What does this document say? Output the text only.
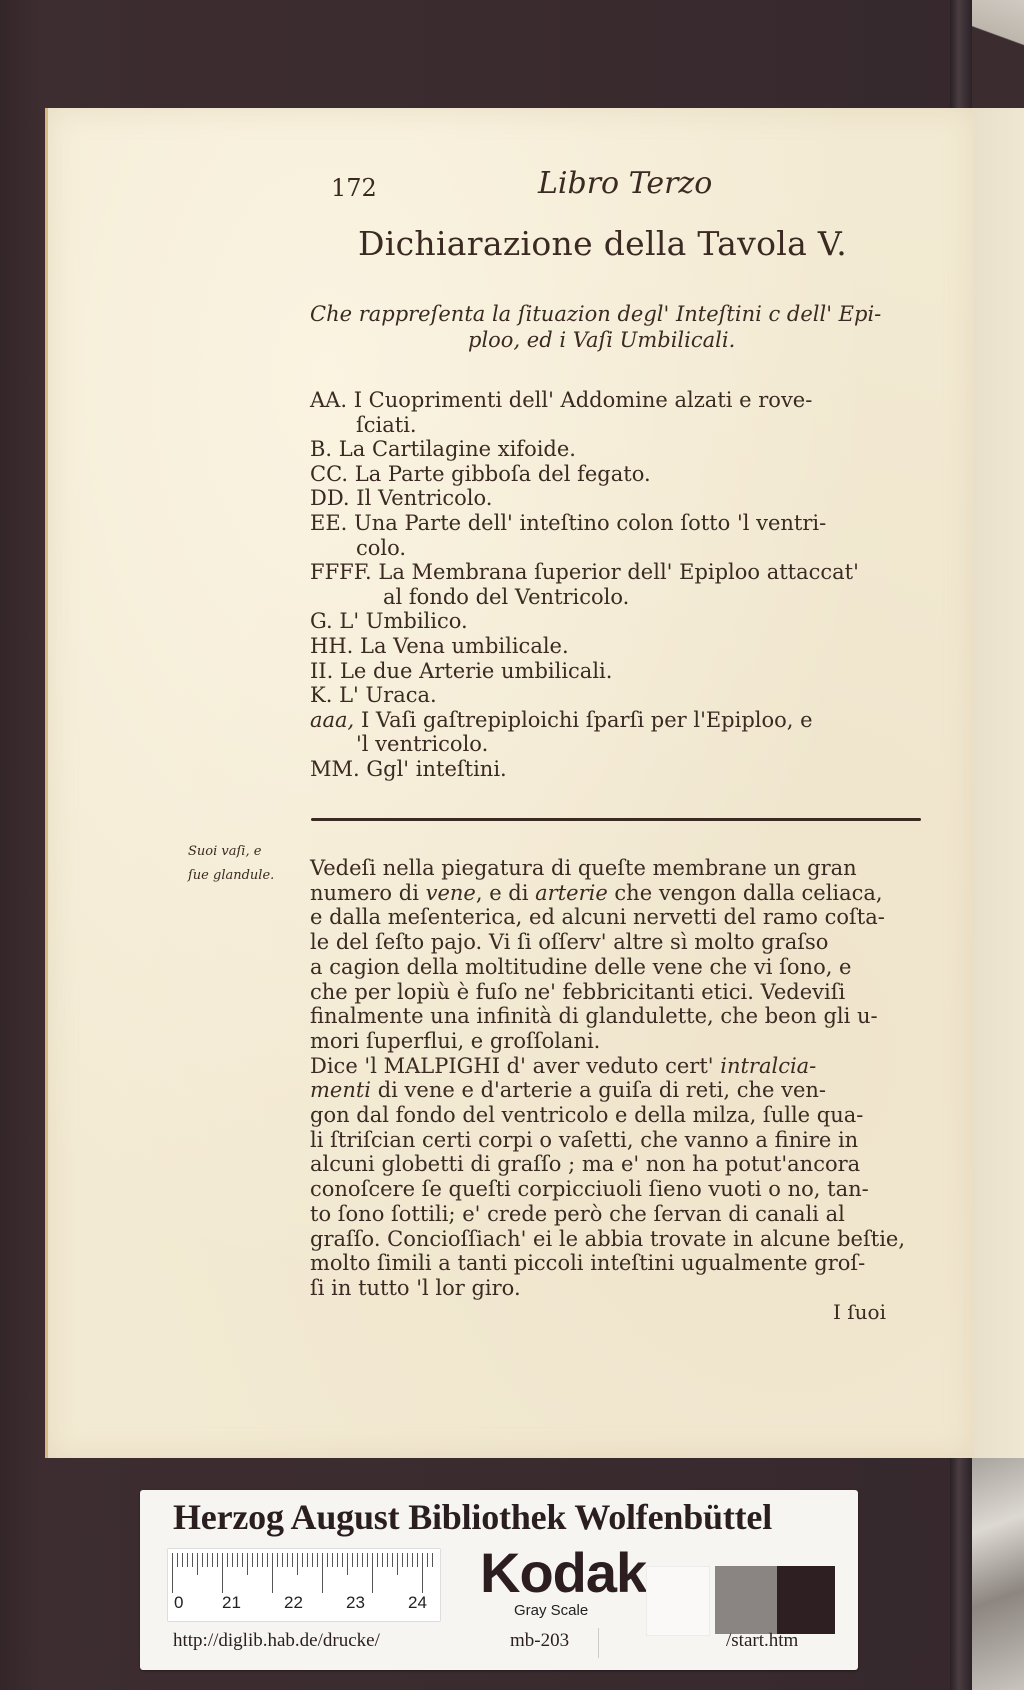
172	Libro Terzo
Dichiarazione della Tavola V.
Che rappreſenta la ſituazion degl' Inteſtini c dell' Epi-
ploo, ed i Vaſi Umbilicali.
AA. I Cuoprimenti dell' Addomine alzati e rove-
ſciati.
B. La Cartilagine xifoide.
CC. La Parte gibboſa del fegato.
DD. Il Ventricolo.
EE. Una Parte dell' inteſtino colon ſotto 'l ventri-
colo.
FFFF. La Membrana ſuperior dell' Epiploo attaccat'
al fondo del Ventricolo.
G. L' Umbilico.
HH. La Vena umbilicale.
II. Le due Arterie umbilicali.
K. L' Uraca.
aaa, I Vaſi gaſtrepiploichi ſparſi per l'Epiploo, e
'l ventricolo.
MM. Ggl' inteſtini.
Suoi vaſi, e
ſue glandule. Vedeſi nella piegatura di queſte membrane un gran
numero di vene, e di arterie che vengon dalla celiaca,
e dalla meſenterica, ed alcuni nervetti del ramo coſta-
le del ſeſto pajo. Vi ſi oſſerv' altre sì molto graſso
a cagion della moltitudine delle vene che vi ſono, e
che per lopiù è fuſo ne' febbricitanti etici. Vedeviſi
finalmente una infinità di glandulette, che beon gli u-
mori ſuperflui, e groſſolani.
Dice 'l MALPIGHI d' aver veduto cert' intralcia-
menti di vene e d'arterie a guiſa di reti, che ven-
gon dal fondo del ventricolo e della milza, ſulle qua-
li ſtriſcian certi corpi o vaſetti, che vanno a finire in
alcuni globetti di graſſo ; ma e' non ha potut'ancora
conoſcere ſe queſti corpicciuoli ſieno vuoti o no, tan-
to ſono ſottili; e' crede però che ſervan di canali al
graſſo. Concioſſiach' ei le abbia trovate in alcune beſtie,
molto ſimili a tanti piccoli inteſtini ugualmente groſ-
ſi in tutto 'l lor giro.
I ſuoi
Herzog August Bibliothek Wolfenbüttel
0 21	22	23	24 Kodak
Gray Scale
http://diglib.hab.de/drucke/	mb-203	/start.htm
